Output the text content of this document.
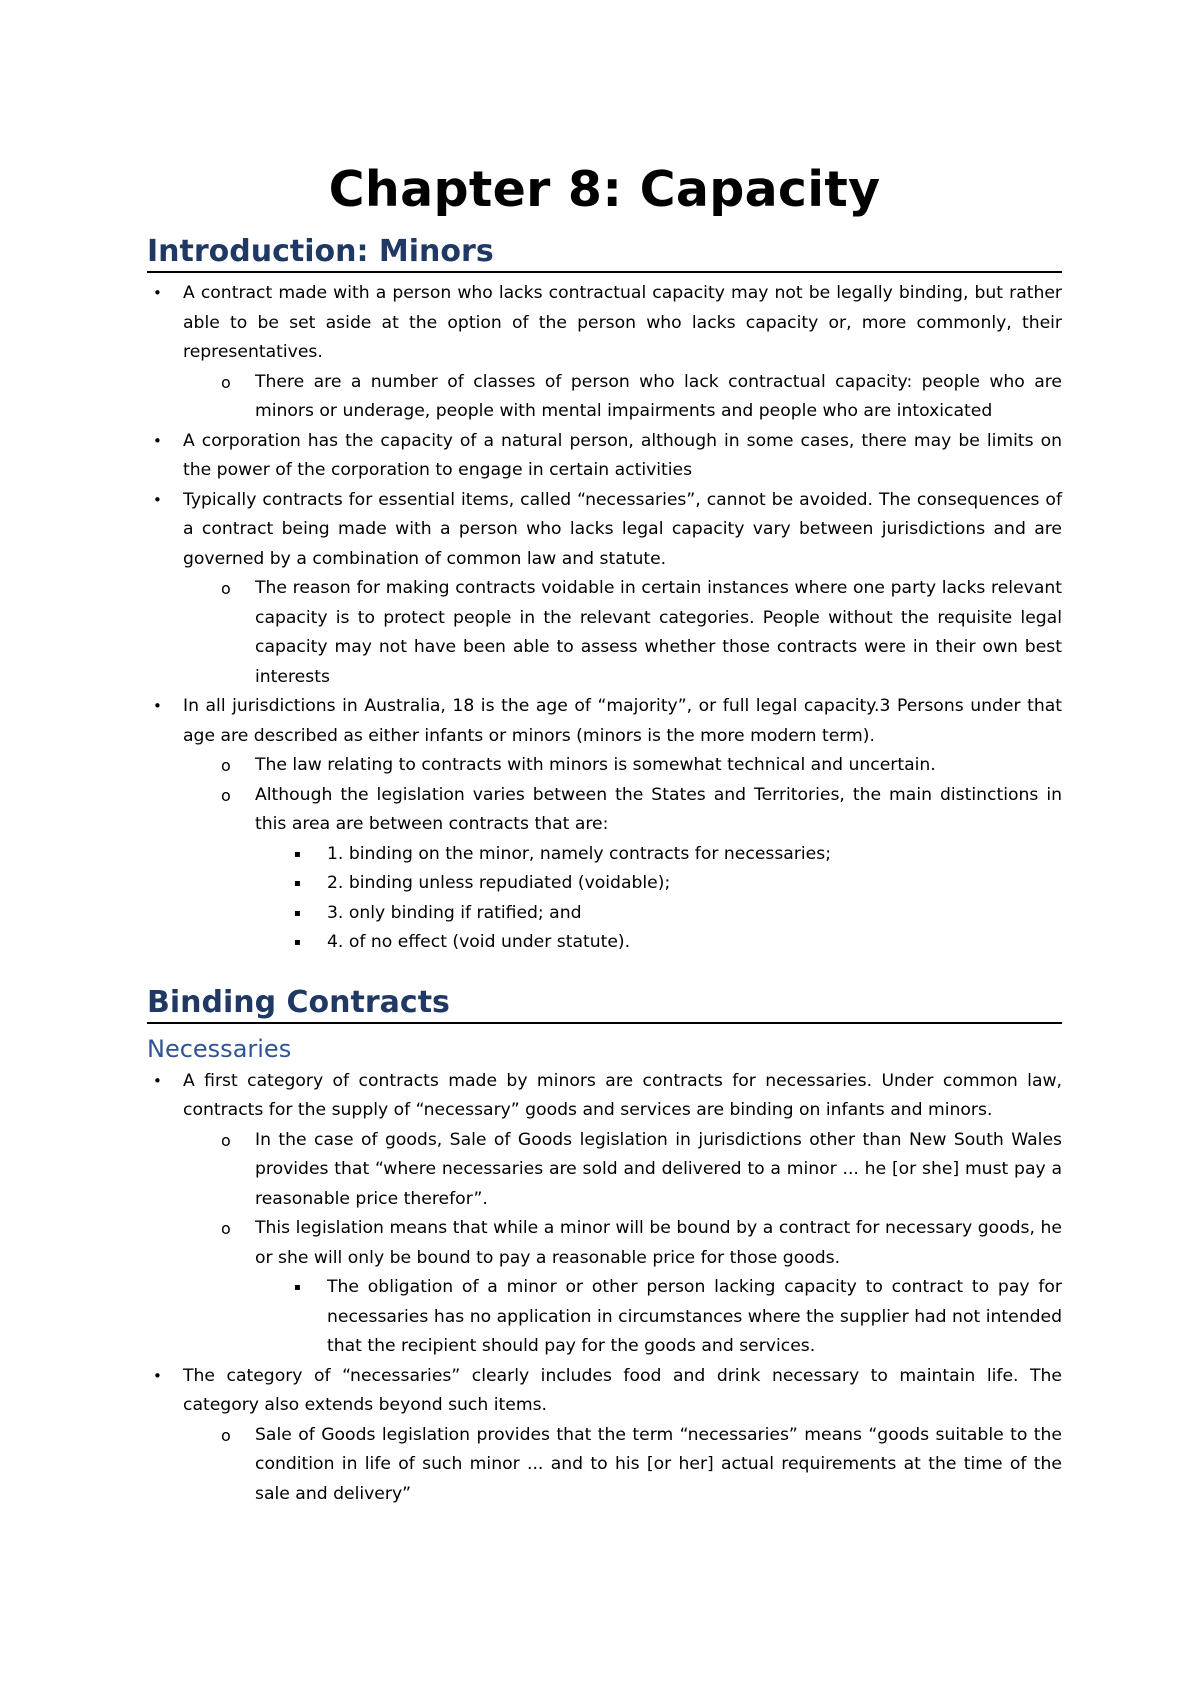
Chapter 8: Capacity
Introduction: Minors
• A contract made with a person who lacks contractual capacity may not be legally binding, but rather able to be set aside at the option of the person who lacks capacity or, more commonly, their representatives.
o There are a number of classes of person who lack contractual capacity: people who are minors or underage, people with mental impairments and people who are intoxicated
• A corporation has the capacity of a natural person, although in some cases, there may be limits on the power of the corporation to engage in certain activities
• Typically contracts for essential items, called “necessaries”, cannot be avoided. The consequences of a contract being made with a person who lacks legal capacity vary between jurisdictions and are governed by a combination of common law and statute.
o The reason for making contracts voidable in certain instances where one party lacks relevant capacity is to protect people in the relevant categories. People without the requisite legal capacity may not have been able to assess whether those contracts were in their own best interests
• In all jurisdictions in Australia, 18 is the age of “majority”, or full legal capacity.3 Persons under that age are described as either infants or minors (minors is the more modern term).
o The law relating to contracts with minors is somewhat technical and uncertain.
o Although the legislation varies between the States and Territories, the main distinctions in this area are between contracts that are:
▪ 1. binding on the minor, namely contracts for necessaries;
▪ 2. binding unless repudiated (voidable);
▪ 3. only binding if ratified; and
▪ 4. of no effect (void under statute).
Binding Contracts
Necessaries
• A first category of contracts made by minors are contracts for necessaries. Under common law, contracts for the supply of “necessary” goods and services are binding on infants and minors.
o In the case of goods, Sale of Goods legislation in jurisdictions other than New South Wales provides that “where necessaries are sold and delivered to a minor ... he [or she] must pay a reasonable price therefor”.
o This legislation means that while a minor will be bound by a contract for necessary goods, he or she will only be bound to pay a reasonable price for those goods.
▪ The obligation of a minor or other person lacking capacity to contract to pay for necessaries has no application in circumstances where the supplier had not intended that the recipient should pay for the goods and services.
• The category of “necessaries” clearly includes food and drink necessary to maintain life. The category also extends beyond such items.
o Sale of Goods legislation provides that the term “necessaries” means “goods suitable to the condition in life of such minor ... and to his [or her] actual requirements at the time of the sale and delivery”
